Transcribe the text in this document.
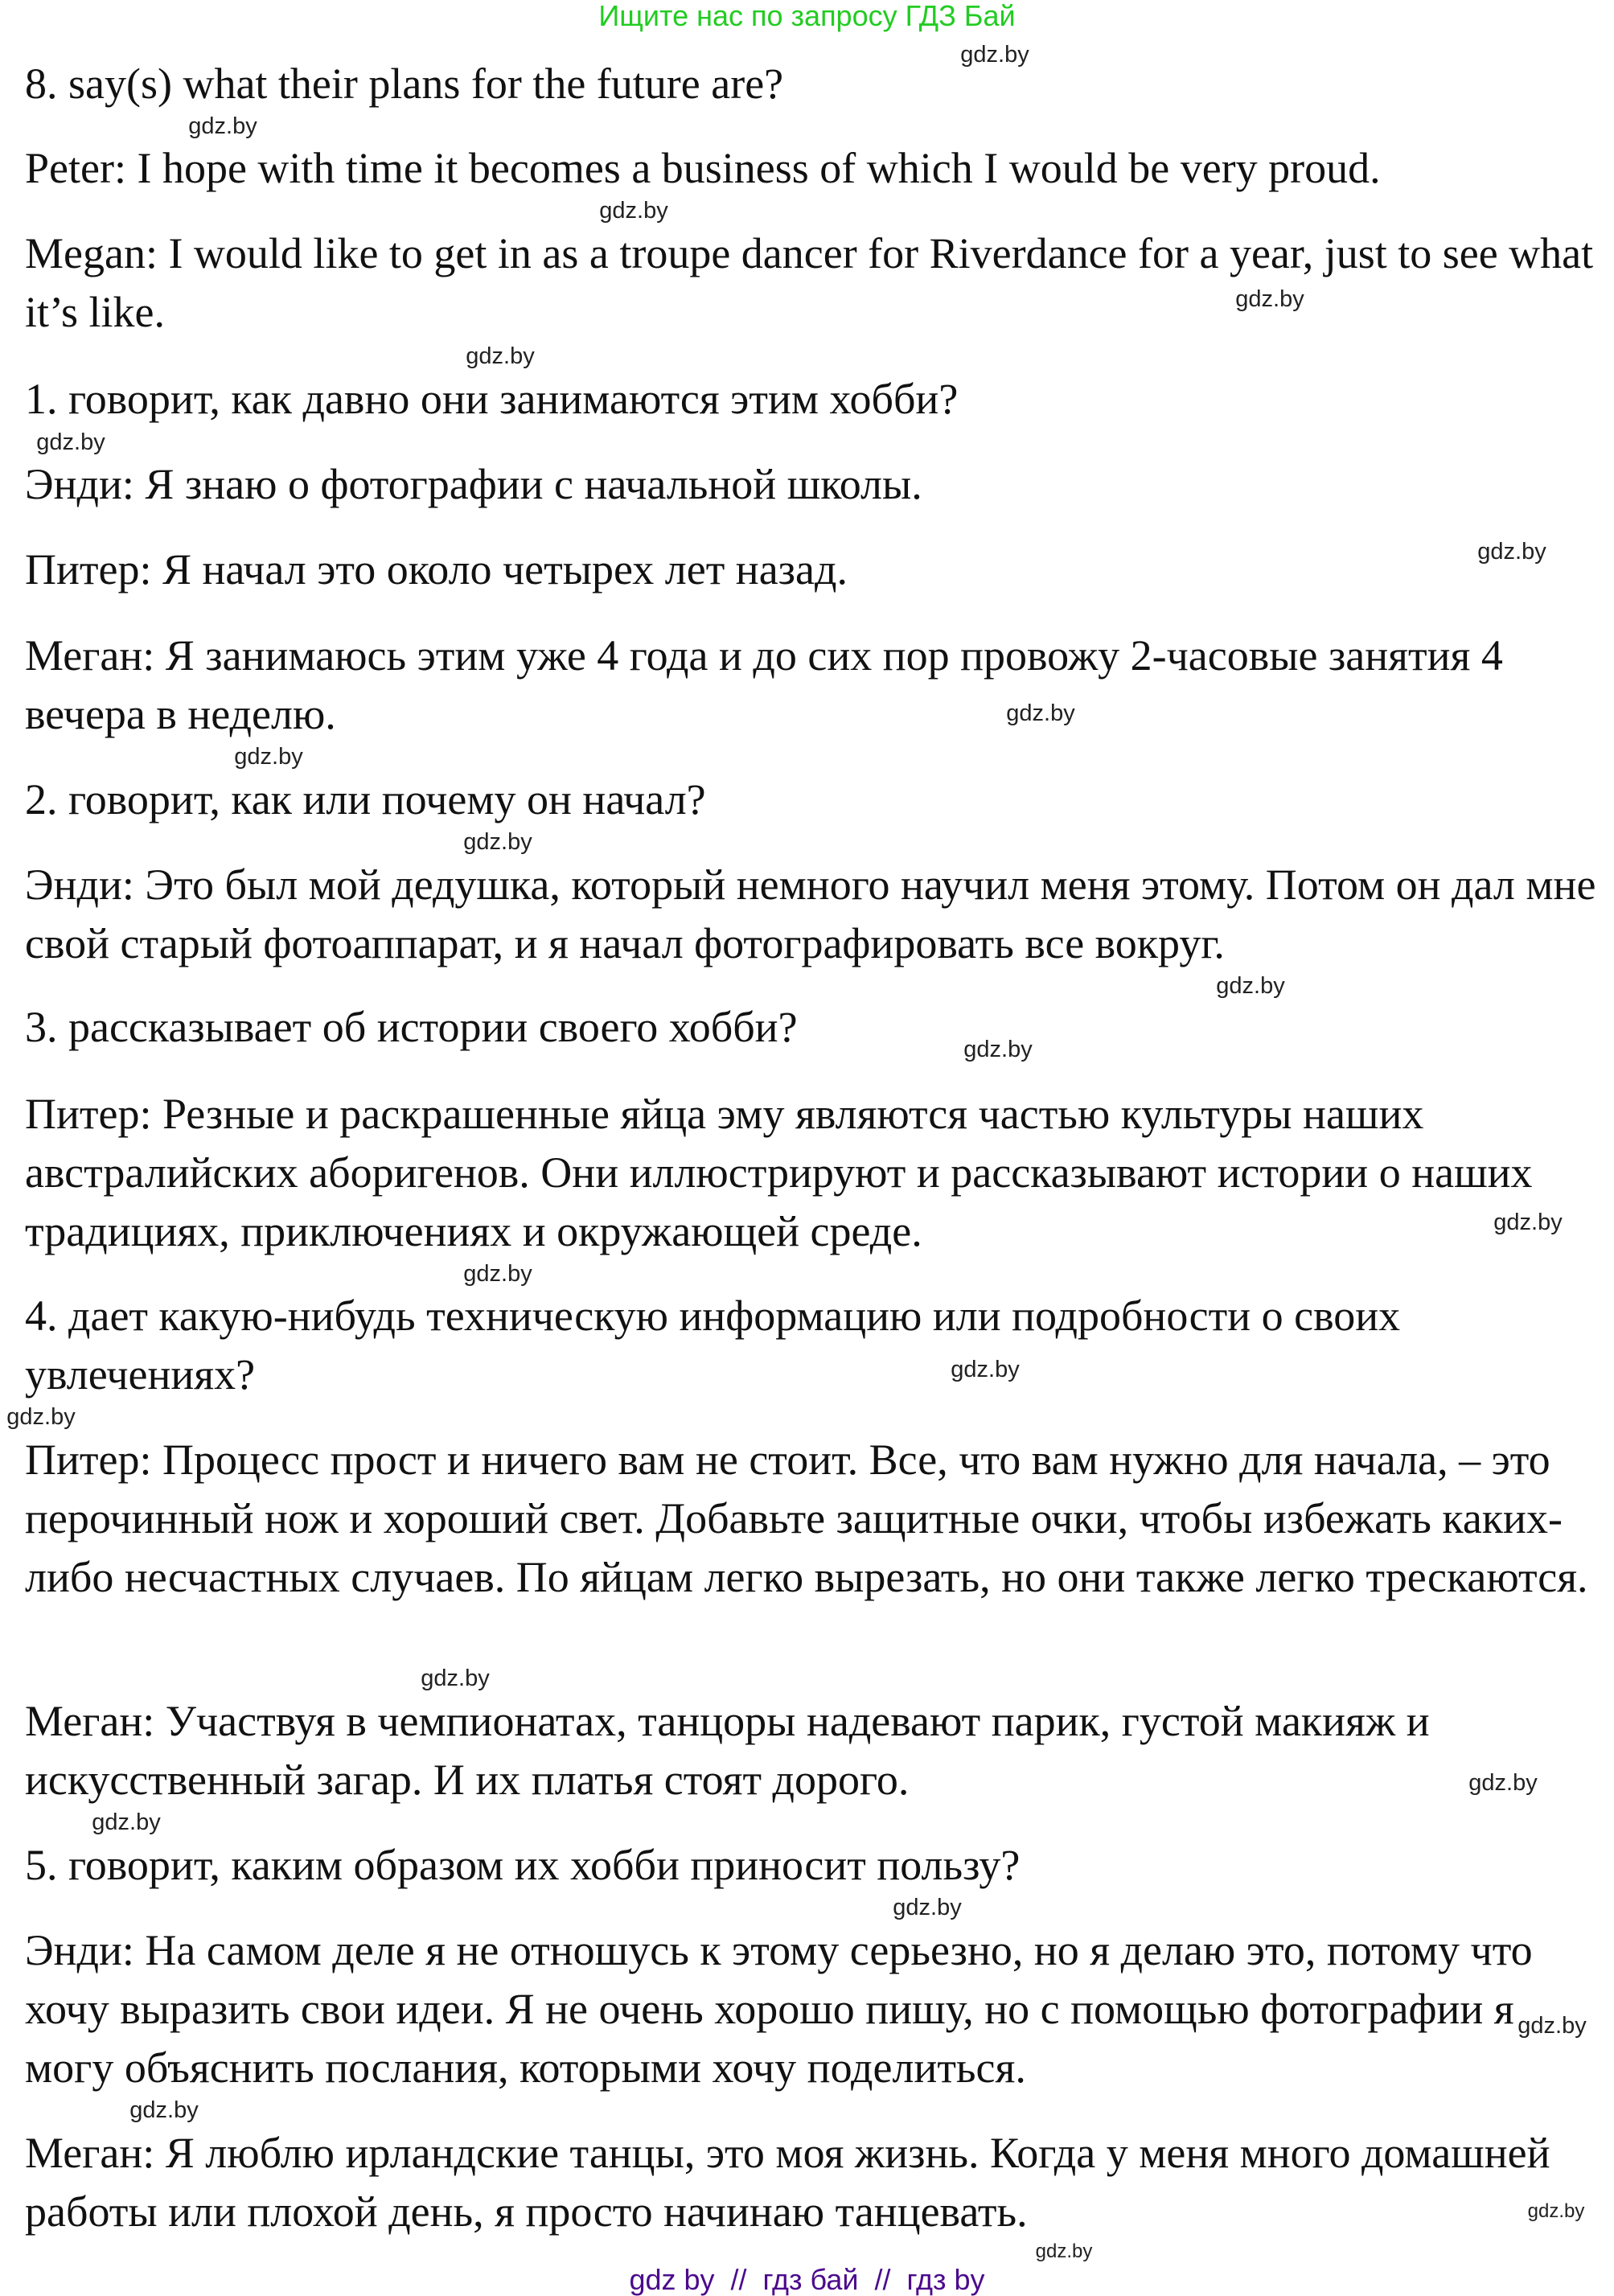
Ищите нас по запросу ГДЗ Бай

8. say(s) what their plans for the future are?

Peter: I hope with time it becomes a business of which I would be very proud.

Megan: I would like to get in as a troupe dancer for Riverdance for a year, just to see what it’s like.

1. говорит, как давно они занимаются этим хобби?

Энди: Я знаю о фотографии с начальной школы.

Питер: Я начал это около четырех лет назад.

Меган: Я занимаюсь этим уже 4 года и до сих пор провожу 2-часовые занятия 4 вечера в неделю.

2. говорит, как или почему он начал?

Энди: Это был мой дедушка, который немного научил меня этому. Потом он дал мне свой старый фотоаппарат, и я начал фотографировать все вокруг.

3. рассказывает об истории своего хобби?

Питер: Резные и раскрашенные яйца эму являются частью культуры наших австралийских аборигенов. Они иллюстрируют и рассказывают истории о наших традициях, приключениях и окружающей среде.

4. дает какую-нибудь техническую информацию или подробности о своих увлечениях?

Питер: Процесс прост и ничего вам не стоит. Все, что вам нужно для начала, – это перочинный нож и хороший свет. Добавьте защитные очки, чтобы избежать каких-либо несчастных случаев. По яйцам легко вырезать, но они также легко трескаются.

Меган: Участвуя в чемпионатах, танцоры надевают парик, густой макияж и искусственный загар. И их платья стоят дорого.

5. говорит, каким образом их хобби приносит пользу?

Энди: На самом деле я не отношусь к этому серьезно, но я делаю это, потому что хочу выразить свои идеи. Я не очень хорошо пишу, но с помощью фотографии я могу объяснить послания, которыми хочу поделиться.

Меган: Я люблю ирландские танцы, это моя жизнь. Когда у меня много домашней работы или плохой день, я просто начинаю танцевать.

gdz.by
gdz.by
gdz.by
gdz.by
gdz.by
gdz.by
gdz.by
gdz.by
gdz.by
gdz.by
gdz.by
gdz.by
gdz.by
gdz.by
gdz.by
gdz.by
gdz.by
gdz.by
gdz.by
gdz.by
gdz.by
gdz.by
gdz.by
gdz.by
gdz by  //  гдз бай  //  гдз by
